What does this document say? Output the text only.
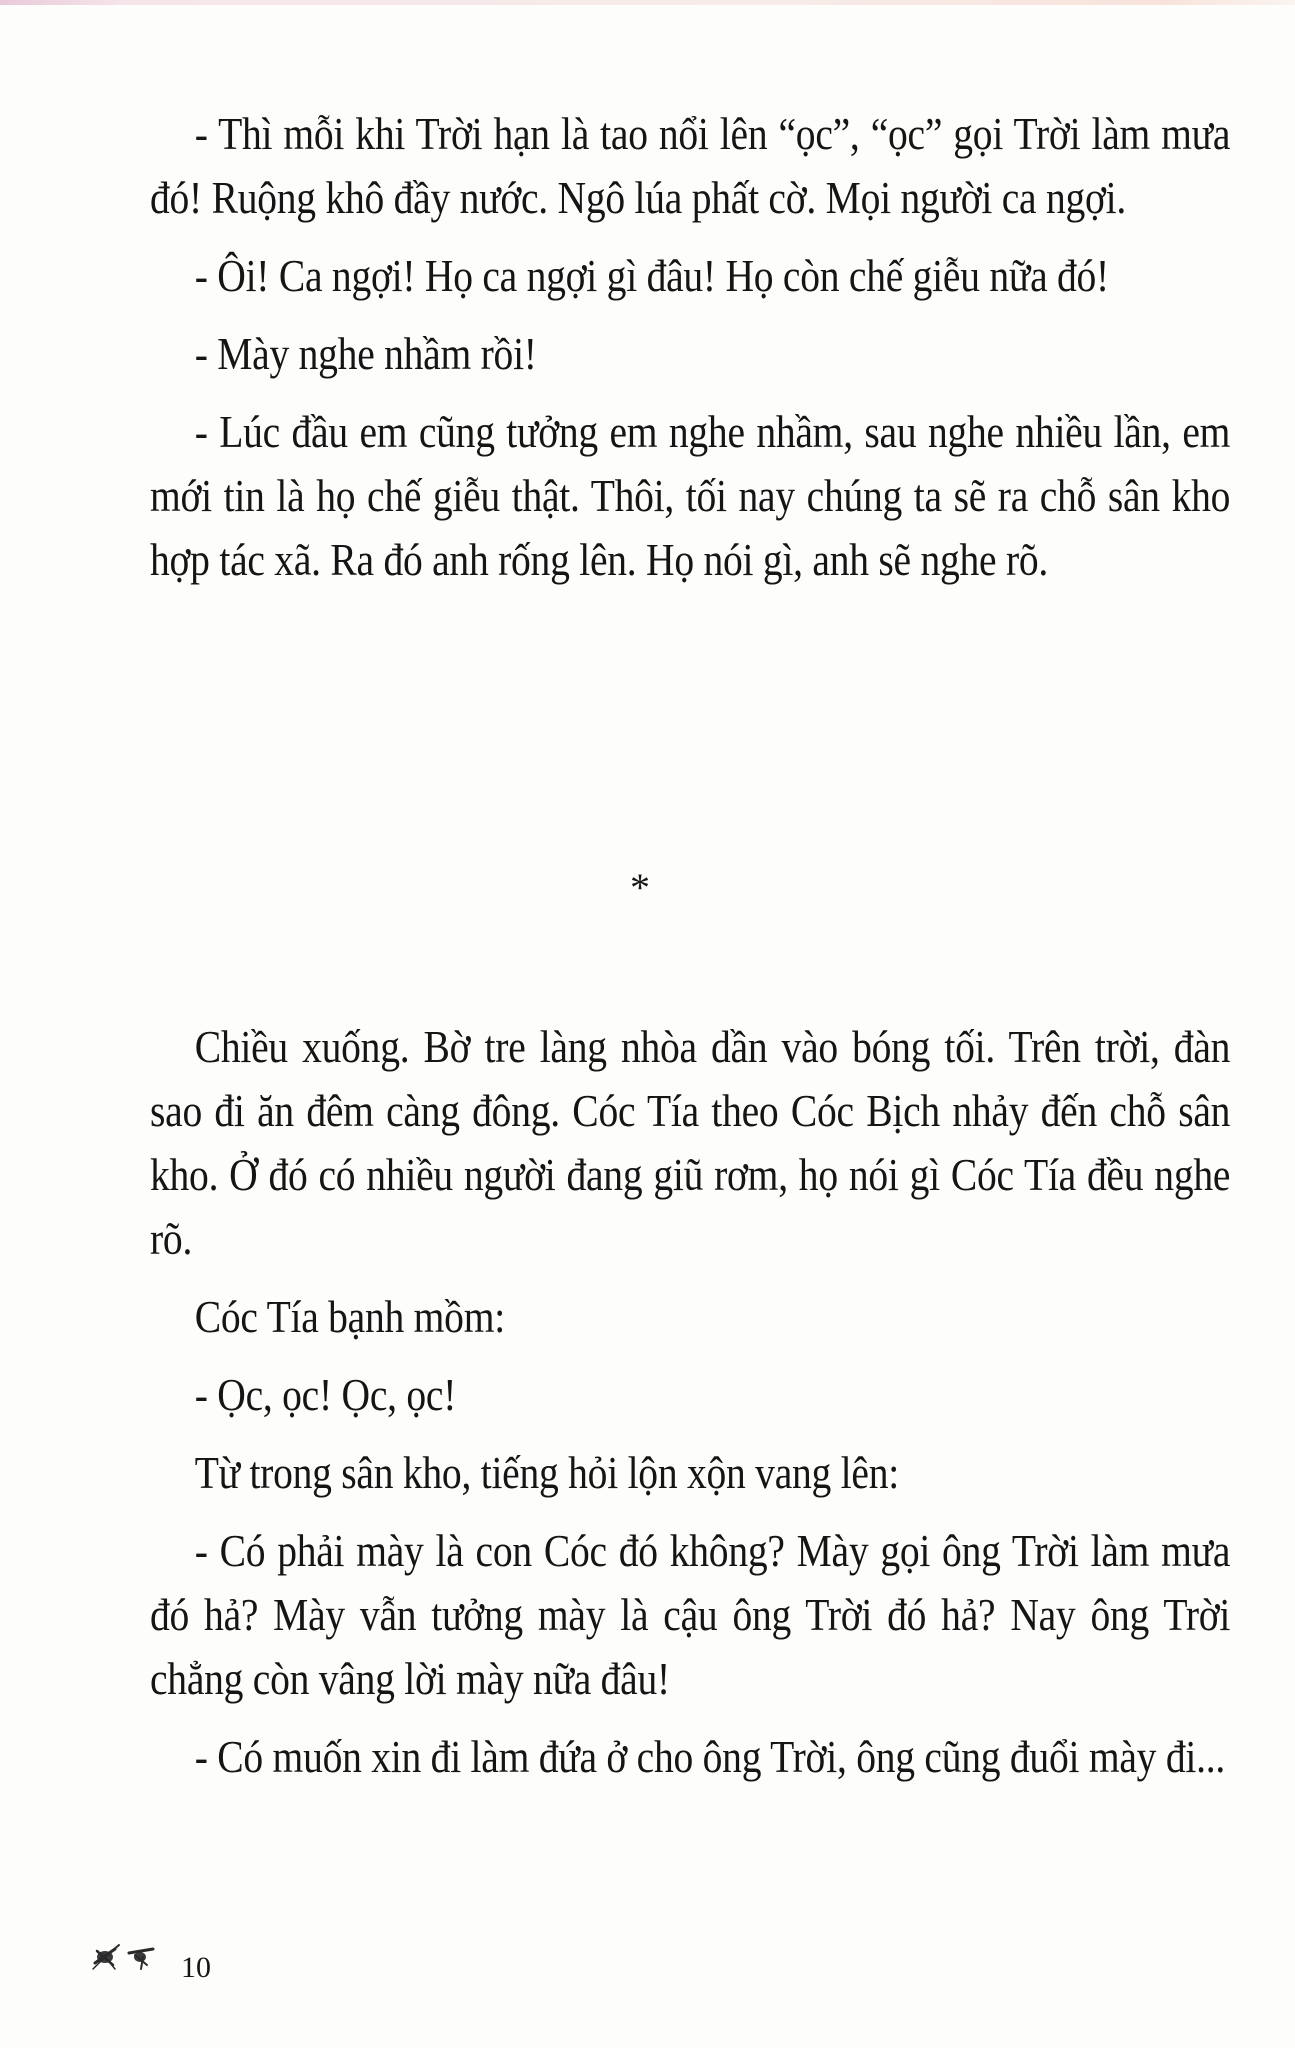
- Thì mỗi khi Trời hạn là tao nổi lên “ọc”, “ọc” gọi Trời làm mưa đó! Ruộng khô đầy nước. Ngô lúa phất cờ. Mọi người ca ngợi.

- Ôi! Ca ngợi! Họ ca ngợi gì đâu! Họ còn chế giễu nữa đó!

- Mày nghe nhầm rồi!

- Lúc đầu em cũng tưởng em nghe nhầm, sau nghe nhiều lần, em mới tin là họ chế giễu thật. Thôi, tối nay chúng ta sẽ ra chỗ sân kho hợp tác xã. Ra đó anh rống lên. Họ nói gì, anh sẽ nghe rõ.

*

Chiều xuống. Bờ tre làng nhòa dần vào bóng tối. Trên trời, đàn sao đi ăn đêm càng đông. Cóc Tía theo Cóc Bịch nhảy đến chỗ sân kho. Ở đó có nhiều người đang giũ rơm, họ nói gì Cóc Tía đều nghe rõ.

Cóc Tía bạnh mồm:

- Ọc, ọc! Ọc, ọc!

Từ trong sân kho, tiếng hỏi lộn xộn vang lên:

- Có phải mày là con Cóc đó không? Mày gọi ông Trời làm mưa đó hả? Mày vẫn tưởng mày là cậu ông Trời đó hả? Nay ông Trời chẳng còn vâng lời mày nữa đâu!

- Có muốn xin đi làm đứa ở cho ông Trời, ông cũng đuổi mày đi...

10
